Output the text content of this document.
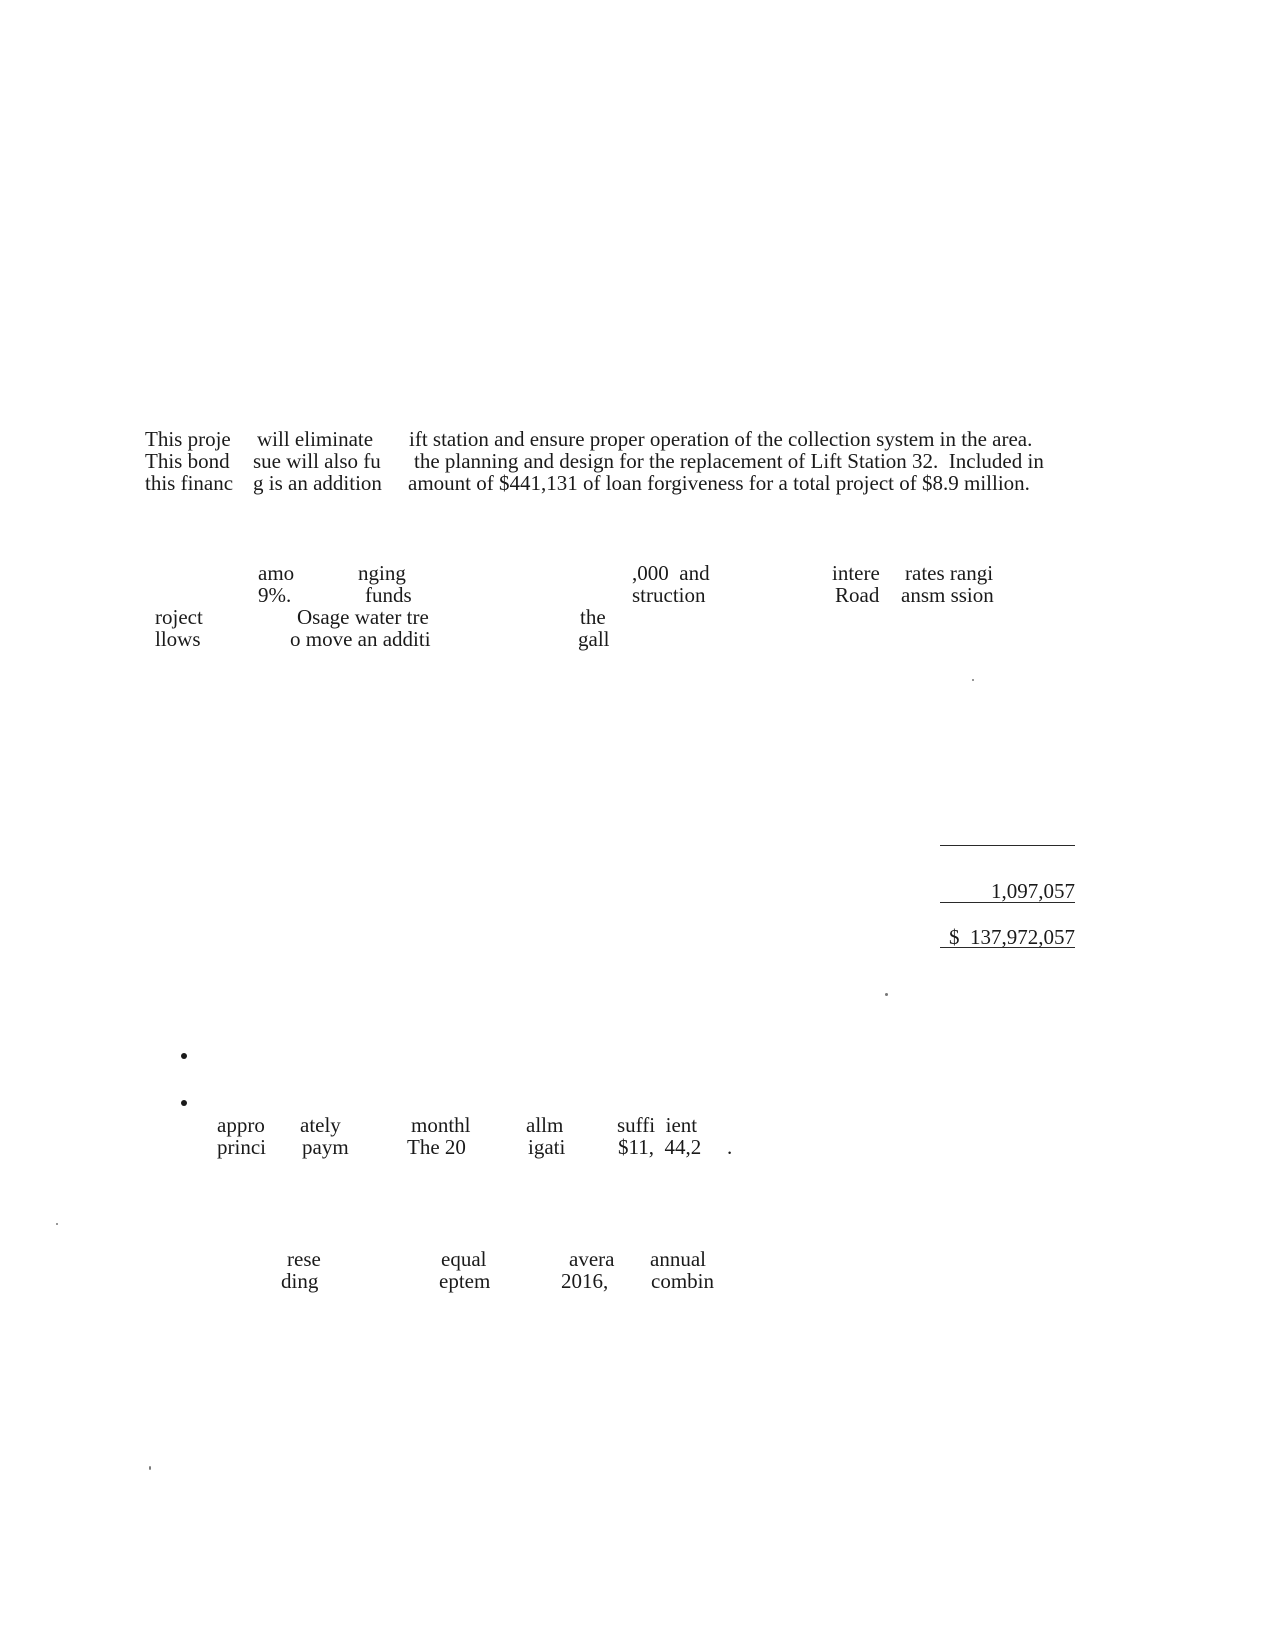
This proje
This bond
this financ
will eliminate
sue will also fu
g is an addition
ift station and ensure proper operation of the collection system in the area.
the planning and design for the replacement of Lift Station 32.  Included in
amount of $441,131 of loan forgiveness for a total project of $8.9 million.
amo
9%.
nging
funds
,000  and
struction
intere
Road
rates rangi
ansm ssion
roject
llows
Osage water tre
o move an additi
the
gall
1,097,057
$  137,972,057
appro
princi
ately
paym
monthl
The 20
allm
igati
suffi  ient
$11,  44,2 .
rese
ding
equal
eptem
avera
2016,
annual
combin
